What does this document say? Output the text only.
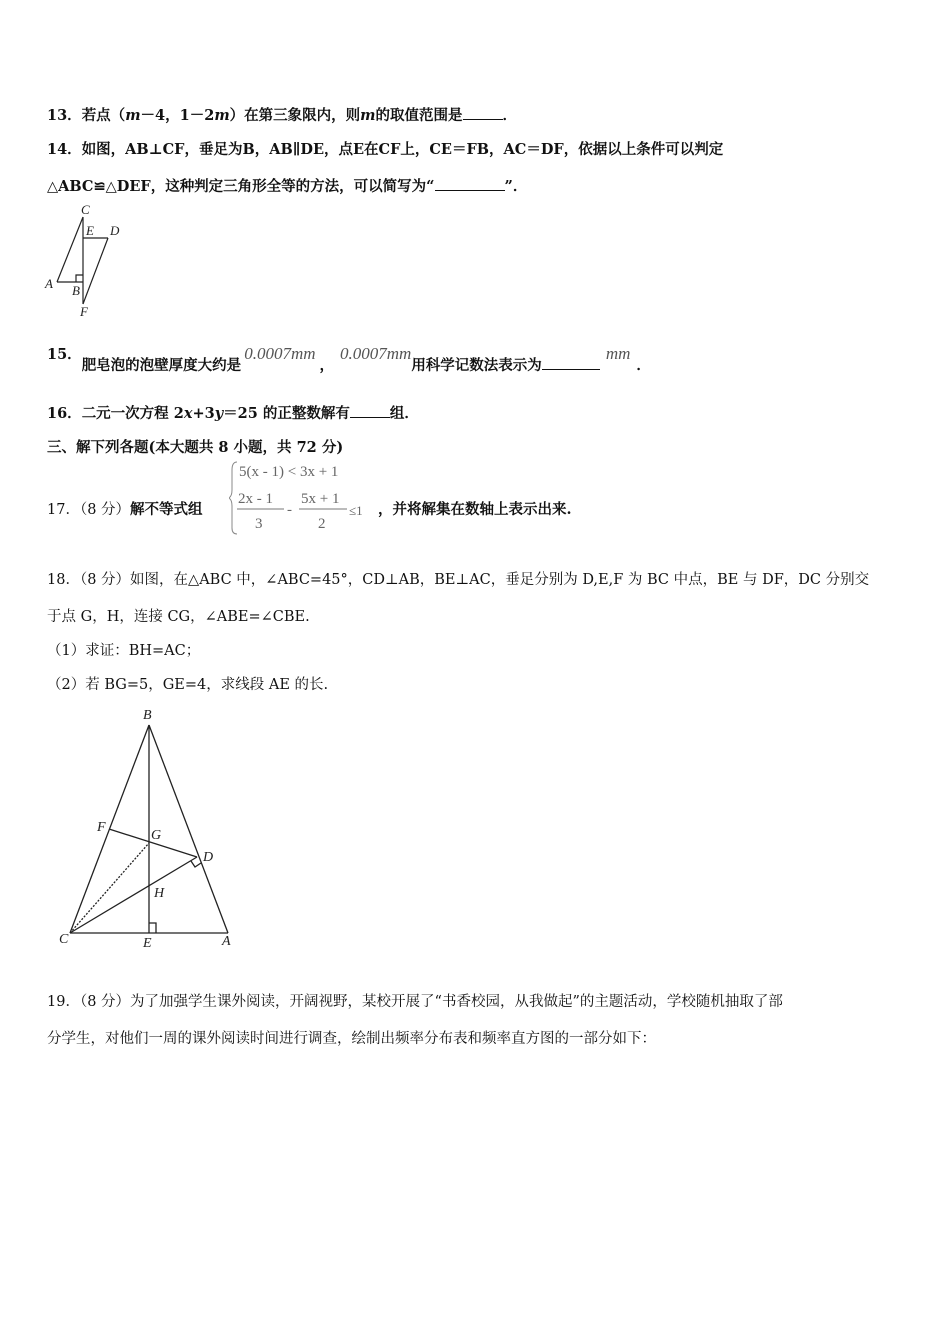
13．若点（m－4，1－2m）在第三象限内，则m的取值范围是	．
14．如图，AB⊥CF，垂足为B，AB∥DE，点E在CF上，CE＝FB，AC＝DF，依据以上条件可以判定
△ABC≌△DEF，这种判定三角形全等的方法，可以简写为“	”．
C
E D
A B
F
15．肥皂泡的泡壁厚度大约是0.0007mm，0.0007mm用科学记数法表示为mm．
16．二元一次方程 2x+3y＝25 的正整数解有	组．
三、解下列各题(本大题共 8 小题，共 72 分)
17．（8 分）解不等式组
5(x - 1) < 3x + 1
2x - 1
3
-
5x + 1
2
≤1 ，并将解集在数轴上表示出来.
18．（8 分）如图，在△ABC 中，∠ABC=45°，CD⊥AB，BE⊥AC，垂足分别为 D,E,F 为 BC 中点，BE 与 DF，DC 分别交
于点 G，H，连接 CG，∠ABE=∠CBE.
（1）求证：BH=AC；
（2）若 BG=5，GE=4，求线段 AE 的长.
B
F
G
D
H
C	E	A
19．（8 分）为了加强学生课外阅读，开阔视野，某校开展了“书香校园，从我做起”的主题活动，学校随机抽取了部
分学生，对他们一周的课外阅读时间进行调查，绘制出频率分布表和频率直方图的一部分如下：
